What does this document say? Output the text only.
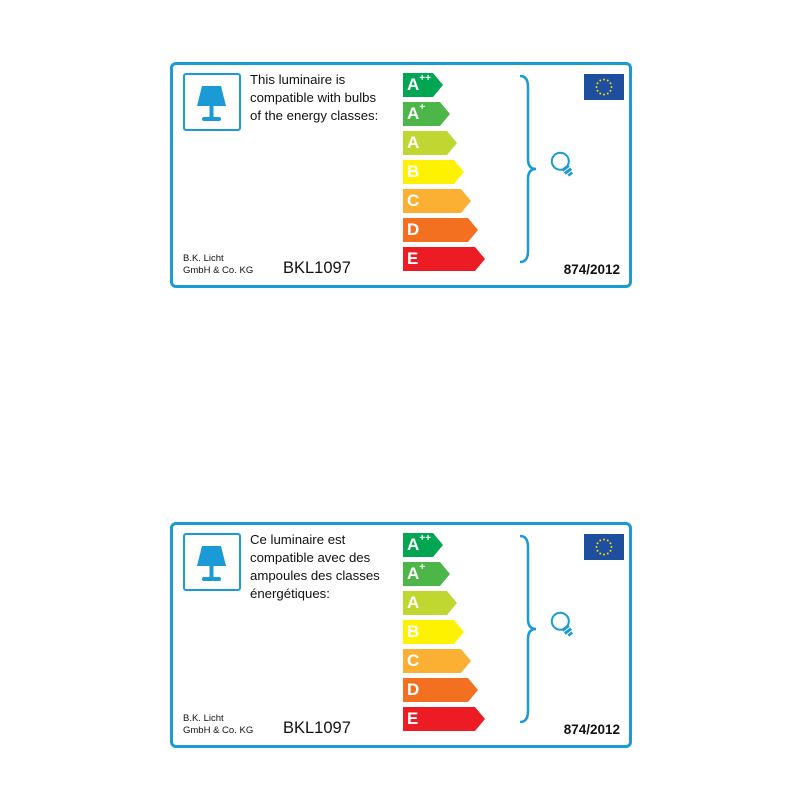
This luminaire is
compatible with bulbs
of the energy classes:

A++
A+
A
B
C
D
E
B.K. Licht
GmbH & Co. KG BKL1097	874/2012

Ce luminaire est
compatible avec des
ampoules des classes
énergétiques:

A++
A+
A
B
C
D
E
B.K. Licht
GmbH & Co. KG BKL1097	874/2012
